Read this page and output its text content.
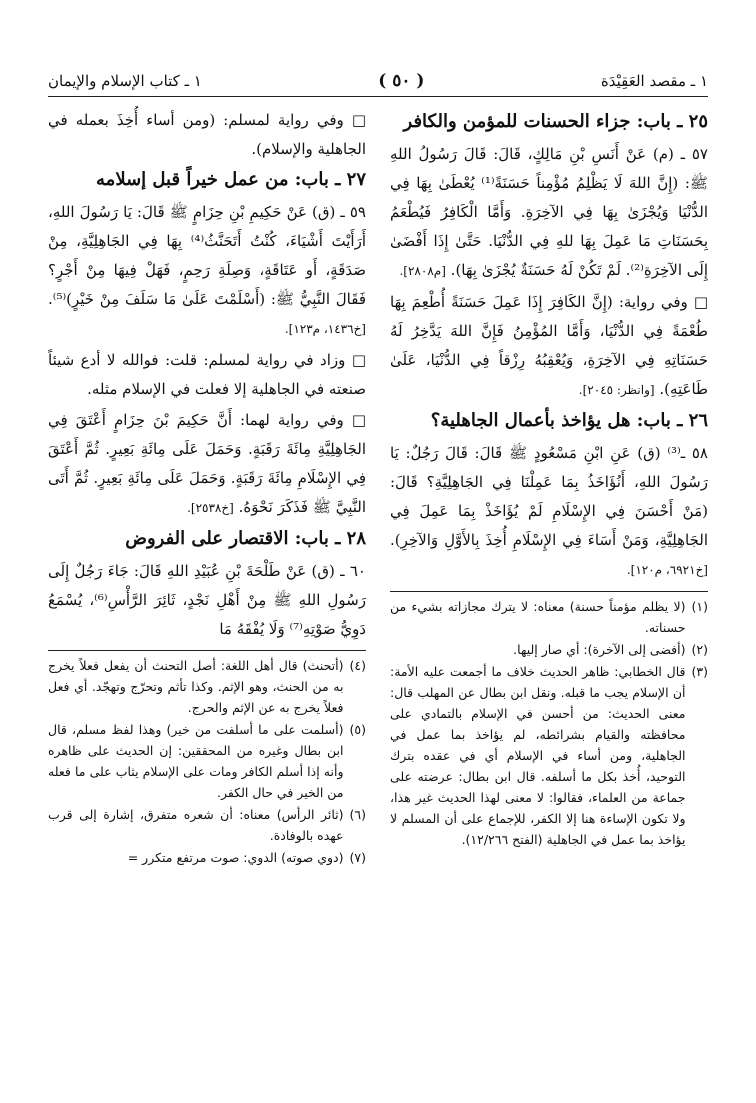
١ ـ مقصد العَقِيْدَة
( ٥٠ )
١ ـ كتاب الإسلام والإيمان
٢٥ ـ باب: جزاء الحسنات للمؤمن والكافر

٥٧ ـ (م) عَنْ أَنَسِ بْنِ مَالِكٍ، قَالَ: قَالَ رَسُولُ اللهِ ﷺ: (إِنَّ اللهَ لَا يَظْلِمُ مُؤْمِناً حَسَنَةً⁽¹⁾ يُعْطَىٰ بِهَا فِي الدُّنْيَا وَيُجْزَىٰ بِهَا فِي الآخِرَةِ. وَأَمَّا الْكَافِرُ فَيُطْعَمُ بِحَسَنَاتِ مَا عَمِلَ بِهَا للهِ فِي الدُّنْيَا. حَتَّىٰ إِذَا أَفْضَىٰ إِلَى الآخِرَةِ⁽²⁾. لَمْ تَكُنْ لَهُ حَسَنَةٌ يُجْزَىٰ بِهَا). [م٢٨٠٨].

□ وفي رواية: (إِنَّ الكَافِرَ إِذَا عَمِلَ حَسَنَةً أُطْعِمَ بِهَا طُعْمَةً فِي الدُّنْيَا، وَأَمَّا المُؤْمِنُ فَإِنَّ اللهَ يَدَّخِرُ لَهُ حَسَنَاتِهِ فِي الآخِرَةِ، وَيُعْقِبُهُ رِزْقاً فِي الدُّنْيَا، عَلَىٰ طَاعَتِهِ). [وانظر: ٢٠٤٥].

٢٦ ـ باب: هل يؤاخذ بأعمال الجاهلية؟

٥٨ ـ⁽³⁾ (ق) عَنِ ابْنِ مَسْعُودٍ ﷺ قَالَ: قَالَ رَجُلٌ: يَا رَسُولَ اللهِ، أَنُؤَاخَذُ بِمَا عَمِلْنَا فِي الجَاهِلِيَّةِ؟ قَالَ: (مَنْ أَحْسَنَ فِي الإِسْلَامِ لَمْ يُؤَاخَذْ بِمَا عَمِلَ فِي الجَاهِلِيَّةِ، وَمَنْ أَسَاءَ فِي الإِسْلَامِ أُخِذَ بِالأَوَّلِ وَالآخِرِ). [خ٦٩٢١، م١٢٠].

(١)
(لا يظلم مؤمناً حسنة) معناه: لا يترك مجازاته بشيء من حسناته.
(٢)
(أفضى إلى الآخرة): أي صار إليها.
(٣)
قال الخطابي: ظاهر الحديث خلاف ما أجمعت عليه الأمة: أن الإسلام يجب ما قبله. ونقل ابن بطال عن المهلب قال: معنى الحديث: من أحسن في الإسلام بالتمادي على محافظته والقيام بشرائطه، لم يؤاخذ بما عمل في الجاهلية، ومن أساء في الإسلام أي في عقده بترك التوحيد، أُخذ بكل ما أسلفه. قال ابن بطال: عرضته على جماعة من العلماء، فقالوا: لا معنى لهذا الحديث غير هذا، ولا تكون الإساءة هنا إلا الكفر، للإجماع على أن المسلم لا يؤاخذ بما عمل في الجاهلية (الفتح ١٢/٢٦٦).

□ وفي رواية لمسلم: (ومن أساء أُخِذَ بعمله في الجاهلية والإسلام).

٢٧ ـ باب: من عمل خيراً قبل إسلامه

٥٩ ـ (ق) عَنْ حَكِيمِ بْنِ حِزَامٍ ﷺ قَالَ: يَا رَسُولَ اللهِ، أَرَأَيْتَ أَشْيَاءَ، كُنْتُ أَتَحَنَّثُ⁽⁴⁾ بِهَا فِي الجَاهِلِيَّةِ، مِنْ صَدَقَةٍ، أَو عَتَاقَةٍ، وَصِلَةِ رَحِمٍ، فَهَلْ فِيهَا مِنْ أَجْرٍ؟ فَقَالَ النَّبِيُّ ﷺ: (أَسْلَمْتَ عَلَىٰ مَا سَلَفَ مِنْ خَيْرٍ)⁽⁵⁾. [خ١٤٣٦، م١٢٣].

□ وزاد في رواية لمسلم: قلت: فوالله لا أدع شيئاً صنعته في الجاهلية إلا فعلت في الإسلام مثله.

□ وفي رواية لهما: أَنَّ حَكِيمَ بْنَ حِزَامٍ أَعْتَقَ فِي الجَاهِلِيَّةِ مِائَةَ رَقَبَةٍ. وَحَمَلَ عَلَى مِائَةِ بَعِيرٍ. ثُمَّ أَعْتَقَ فِي الإِسْلَامِ مِائَةَ رَقَبَةٍ. وَحَمَلَ عَلَى مِائَةِ بَعِيرٍ. ثُمَّ أَتَى النَّبِيَّ ﷺ فَذَكَرَ نَحْوَهُ. [خ٢٥٣٨].

٢٨ ـ باب: الاقتصار على الفروض

٦٠ ـ (ق) عَنْ طَلْحَةَ بْنِ عُبَيْدِ اللهِ قَالَ: جَاءَ رَجُلٌ إِلَى رَسُولِ اللهِ ﷺ مِنْ أَهْلِ نَجْدٍ، ثَائِرَ الرَّأْسِ⁽⁶⁾، يُسْمَعُ دَوِيُّ صَوْتِهِ⁽⁷⁾ وَلَا يُفْقَهُ مَا

(٤)
(أتحنث) قال أهل اللغة: أصل التحنث أن يفعل فعلاً يخرج به من الحنث، وهو الإثم. وكذا تأثم وتحرّج وتهجّد. أي فعل فعلاً يخرج به عن الإثم والحرج.
(٥)
(أسلمت على ما أسلفت من خير) وهذا لفظ مسلم، قال ابن بطال وغيره من المحققين: إن الحديث على ظاهره وأنه إذا أسلم الكافر ومات على الإسلام يثاب على ما فعله من الخير في حال الكفر.
(٦)
(ثائر الرأس) معناه: أن شعره متفرق، إشارة إلى قرب عهده بالوفادة.
(٧)
(دوي صوته) الدوي: صوت مرتفع متكرر =
